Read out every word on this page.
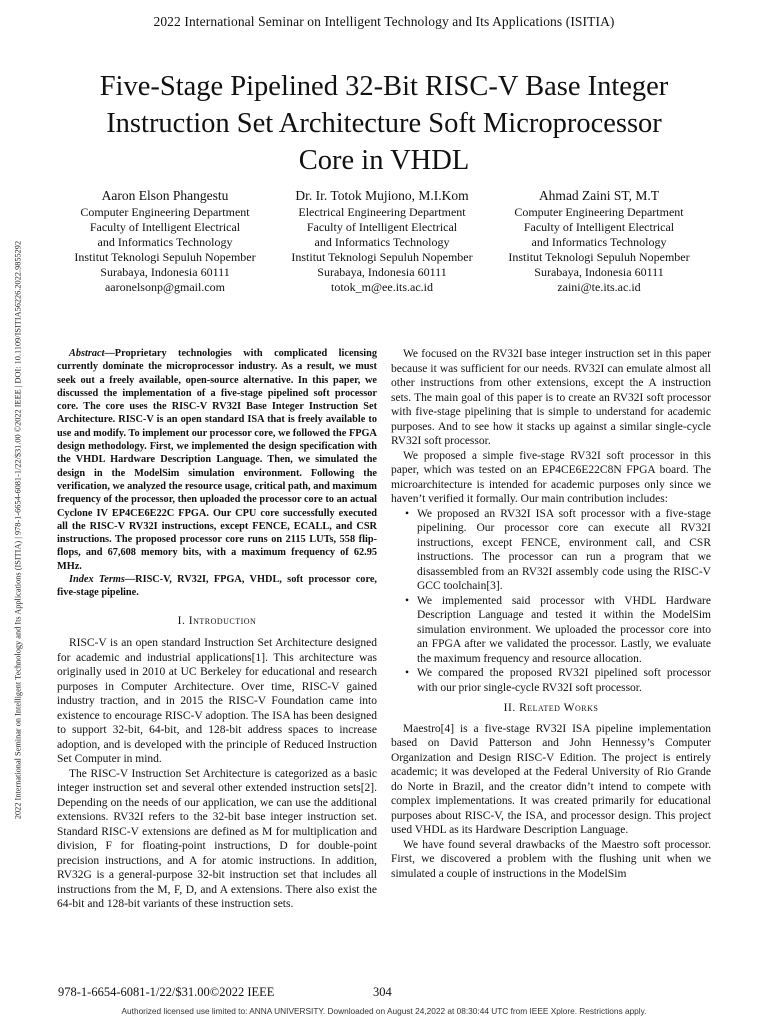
2022 International Seminar on Intelligent Technology and Its Applications (ISITIA)
Five-Stage Pipelined 32-Bit RISC-V Base Integer
Instruction Set Architecture Soft Microprocessor
Core in VHDL
2022 International Seminar on Intelligent Technology and Its Applications (ISITIA) | 978-1-6654-6081-1/22/$31.00 ©2022 IEEE | DOI: 10.1109/ISITIA56226.2022.9855292
Aaron Elson Phangestu
Computer Engineering Department
Faculty of Intelligent Electrical
and Informatics Technology
Institut Teknologi Sepuluh Nopember
Surabaya, Indonesia 60111
aaronelsonp@gmail.com
Dr. Ir. Totok Mujiono, M.I.Kom
Electrical Engineering Department
Faculty of Intelligent Electrical
and Informatics Technology
Institut Teknologi Sepuluh Nopember
Surabaya, Indonesia 60111
totok_m@ee.its.ac.id
Ahmad Zaini ST, M.T
Computer Engineering Department
Faculty of Intelligent Electrical
and Informatics Technology
Institut Teknologi Sepuluh Nopember
Surabaya, Indonesia 60111
zaini@te.its.ac.id

Abstract—Proprietary technologies with complicated licensing currently dominate the microprocessor industry. As a result, we must seek out a freely available, open-source alternative. In this paper, we discussed the implementation of a five-stage pipelined soft processor core. The core uses the RISC-V RV32I Base Integer Instruction Set Architecture. RISC-V is an open standard ISA that is freely available to use and modify. To implement our processor core, we followed the FPGA design methodology. First, we implemented the design specification with the VHDL Hardware Description Language. Then, we simulated the design in the ModelSim simulation environment. Following the verification, we analyzed the resource usage, critical path, and maximum frequency of the processor, then uploaded the processor core to an actual Cyclone IV EP4CE6E22C FPGA. Our CPU core successfully executed all the RISC-V RV32I instructions, except FENCE, ECALL, and CSR instructions. The proposed processor core runs on 2115 LUTs, 558 flip-flops, and 67,608 memory bits, with a maximum frequency of 62.95 MHz.

Index Terms—RISC-V, RV32I, FPGA, VHDL, soft processor core, five-stage pipeline.

I. Introduction

RISC-V is an open standard Instruction Set Architecture designed for academic and industrial applications[1]. This architecture was originally used in 2010 at UC Berkeley for educational and research purposes in Computer Architecture. Over time, RISC-V gained industry traction, and in 2015 the RISC-V Foundation came into existence to encourage RISC-V adoption. The ISA has been designed to support 32-bit, 64-bit, and 128-bit address spaces to increase adoption, and is developed with the principle of Reduced Instruction Set Computer in mind.

The RISC-V Instruction Set Architecture is categorized as a basic integer instruction set and several other extended instruction sets[2]. Depending on the needs of our application, we can use the additional extensions. RV32I refers to the 32-bit base integer instruction set. Standard RISC-V extensions are defined as M for multiplication and division, F for floating-point instructions, D for double-point precision instructions, and A for atomic instructions. In addition, RV32G is a general-purpose 32-bit instruction set that includes all instructions from the M, F, D, and A extensions. There also exist the 64-bit and 128-bit variants of these instruction sets.

We focused on the RV32I base integer instruction set in this paper because it was sufficient for our needs. RV32I can emulate almost all other instructions from other extensions, except the A instruction sets. The main goal of this paper is to create an RV32I soft processor with five-stage pipelining that is simple to understand for academic purposes. And to see how it stacks up against a similar single-cycle RV32I soft processor.

We proposed a simple five-stage RV32I soft processor in this paper, which was tested on an EP4CE6E22C8N FPGA board. The microarchitecture is intended for academic purposes only since we haven’t verified it formally. Our main contribution includes:

• We proposed an RV32I ISA soft processor with a five-stage pipelining. Our processor core can execute all RV32I instructions, except FENCE, environment call, and CSR instructions. The processor can run a program that we disassembled from an RV32I assembly code using the RISC-V GCC toolchain[3].
• We implemented said processor with VHDL Hardware Description Language and tested it within the ModelSim simulation environment. We uploaded the processor core into an FPGA after we validated the processor. Lastly, we evaluate the maximum frequency and resource allocation.
• We compared the proposed RV32I pipelined soft processor with our prior single-cycle RV32I soft processor.
II. Related Works

Maestro[4] is a five-stage RV32I ISA pipeline implementation based on David Patterson and John Hennessy’s Computer Organization and Design RISC-V Edition. The project is entirely academic; it was developed at the Federal University of Rio Grande do Norte in Brazil, and the creator didn’t intend to compete with complex implementations. It was created primarily for educational purposes about RISC-V, the ISA, and processor design. This project used VHDL as its Hardware Description Language.

We have found several drawbacks of the Maestro soft processor. First, we discovered a problem with the flushing unit when we simulated a couple of instructions in the ModelSim

978-1-6654-6081-1/22/$31.00©2022 IEEE	304
Authorized licensed use limited to: ANNA UNIVERSITY. Downloaded on August 24,2022 at 08:30:44 UTC from IEEE Xplore. Restrictions apply.
